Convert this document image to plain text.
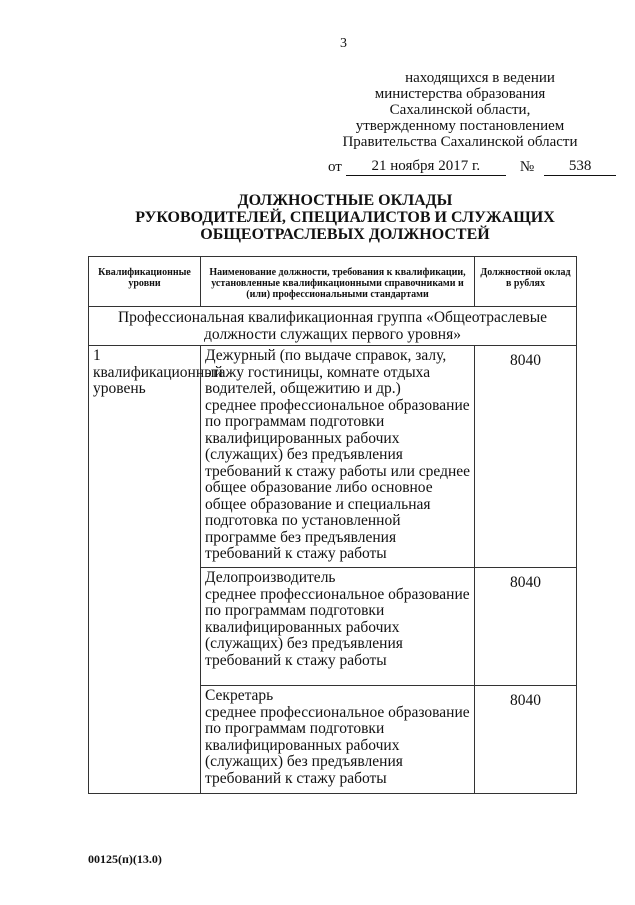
3
находящихся в ведении
министерства образования
Сахалинской области,
утвержденному постановлением
Правительства Сахалинской области
от	21 ноября 2017 г.	№	538
ДОЛЖНОСТНЫЕ ОКЛАДЫ
РУКОВОДИТЕЛЕЙ, СПЕЦИАЛИСТОВ И СЛУЖАЩИХ
ОБЩЕОТРАСЛЕВЫХ ДОЛЖНОСТЕЙ
Квалификационные уровни	Наименование должности, требования к квалификации, установленные квалификационными справочниками и (или) профессиональными стандартами	Должностной оклад в рублях
Профессиональная квалификационная группа «Общеотраслевые должности служащих первого уровня»		
1 квалификационный уровень	Дежурный (по выдаче справок, залу, этажу гостиницы, комнате отдыха водителей, общежитию и др.)
среднее профессиональное образование по программам подготовки квалифицированных рабочих (служащих) без предъявления требований к стажу работы или среднее общее образование либо основное общее образование и специальная подготовка по установленной программе без предъявления требований к стажу работы	8040

	Делопроизводитель
среднее профессиональное образование по программам подготовки квалифицированных рабочих (служащих) без предъявления требований к стажу работы	8040

	Секретарь
среднее профессиональное образование по программам подготовки квалифицированных рабочих (служащих) без предъявления требований к стажу работы	8040
00125(п)(13.0)
